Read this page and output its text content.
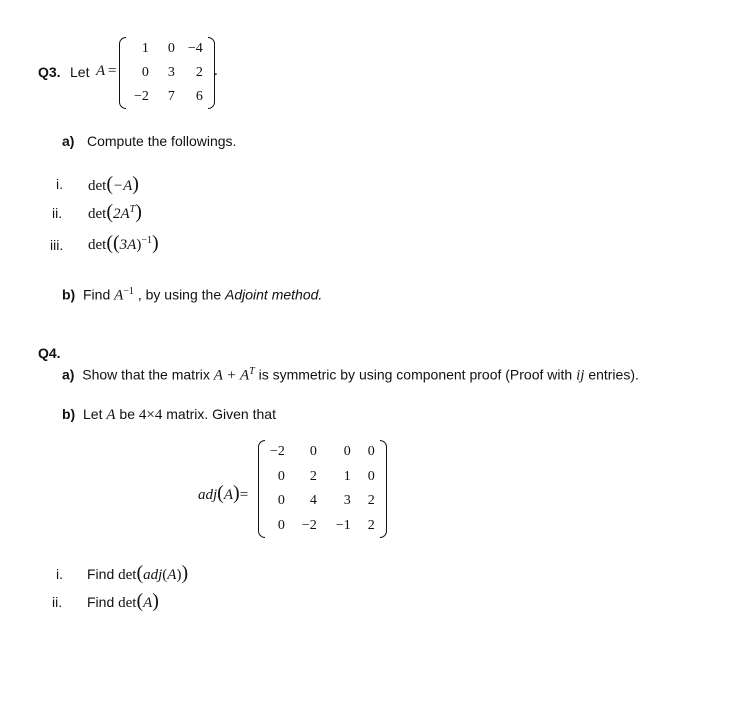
Q3. Let A =
1	0	−4
0	3	2
−2	7	6
.
a) Compute the followings.
i. det(−A)
ii. $\det(2A^T)$
iii. $\det((3A)^{-1})$
b) Find $A^{-1}$ , by using the Adjoint method.
Q4.
a) Show that the matrix $A + A^T$ is symmetric by using component proof (Proof with ij entries).
b) Let A be 4×4 matrix. Given that
adj(A)=
−2	0	0	0
0	2	1	0
0	4	3	2
0	−2	−1	2
i. Find det(adj(A))
ii. Find det(A)
